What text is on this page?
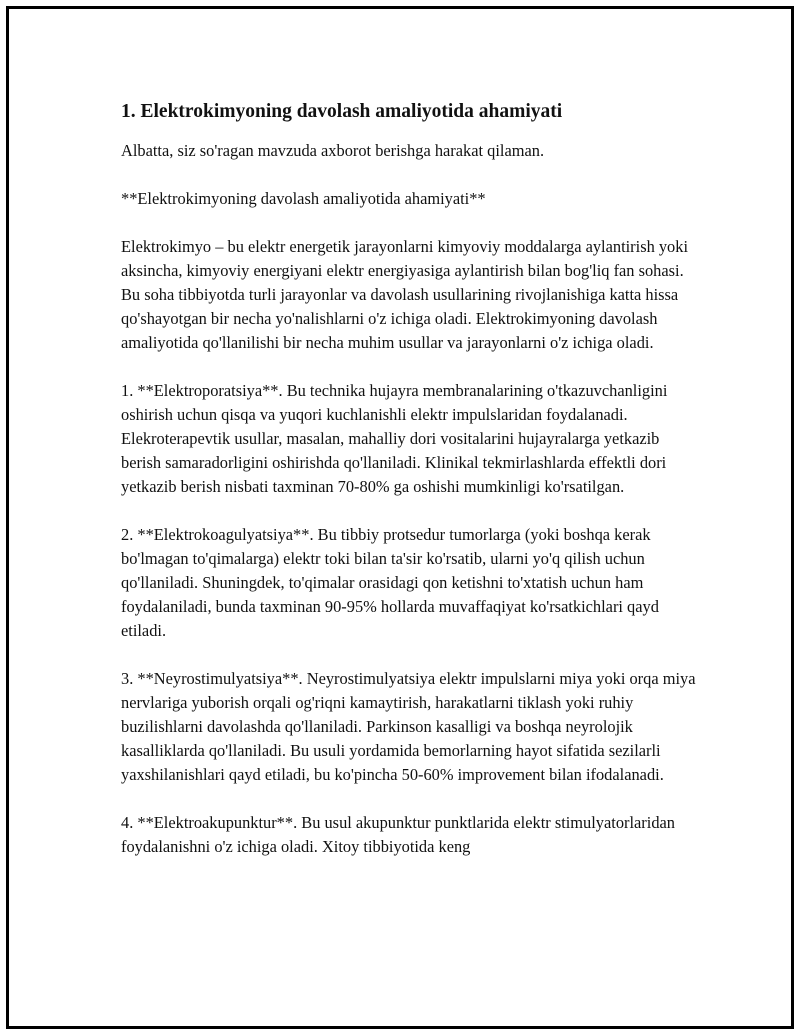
1. Elektrokimyoning davolash amaliyotida ahamiyati

Albatta, siz so'ragan mavzuda axborot berishga harakat qilaman.

**Elektrokimyoning davolash amaliyotida ahamiyati**

Elektrokimyo – bu elektr energetik jarayonlarni kimyoviy moddalarga aylantirish yoki aksincha, kimyoviy energiyani elektr energiyasiga aylantirish bilan bog'liq fan sohasi. Bu soha tibbiyotda turli jarayonlar va davolash usullarining rivojlanishiga katta hissa qo'shayotgan bir necha yo'nalishlarni o'z ichiga oladi. Elektrokimyoning davolash amaliyotida qo'llanilishi bir necha muhim usullar va jarayonlarni o'z ichiga oladi.

1. **Elektroporatsiya**. Bu technika hujayra membranalarining o'tkazuvchanligini oshirish uchun qisqa va yuqori kuchlanishli elektr impulslaridan foydalanadi. Elekroterapevtik usullar, masalan, mahalliy dori vositalarini hujayralarga yetkazib berish samaradorligini oshirishda qo'llaniladi. Klinikal tekmirlashlarda effektli dori yetkazib berish nisbati taxminan 70-80% ga oshishi mumkinligi ko'rsatilgan.

2. **Elektrokoagulyatsiya**. Bu tibbiy protsedur tumorlarga (yoki boshqa kerak bo'lmagan to'qimalarga) elektr toki bilan ta'sir ko'rsatib, ularni yo'q qilish uchun qo'llaniladi. Shuningdek, to'qimalar orasidagi qon ketishni to'xtatish uchun ham foydalaniladi, bunda taxminan 90-95% hollarda muvaffaqiyat ko'rsatkichlari qayd etiladi.

3. **Neyrostimulyatsiya**. Neyrostimulyatsiya elektr impulslarni miya yoki orqa miya nervlariga yuborish orqali og'riqni kamaytirish, harakatlarni tiklash yoki ruhiy buzilishlarni davolashda qo'llaniladi. Parkinson kasalligi va boshqa neyrolojik kasalliklarda qo'llaniladi. Bu usuli yordamida bemorlarning hayot sifatida sezilarli yaxshilanishlari qayd etiladi, bu ko'pincha 50-60% improvement bilan ifodalanadi.

4. **Elektroakupunktur**. Bu usul akupunktur punktlarida elektr stimulyatorlaridan foydalanishni o'z ichiga oladi. Xitoy tibbiyotida keng
